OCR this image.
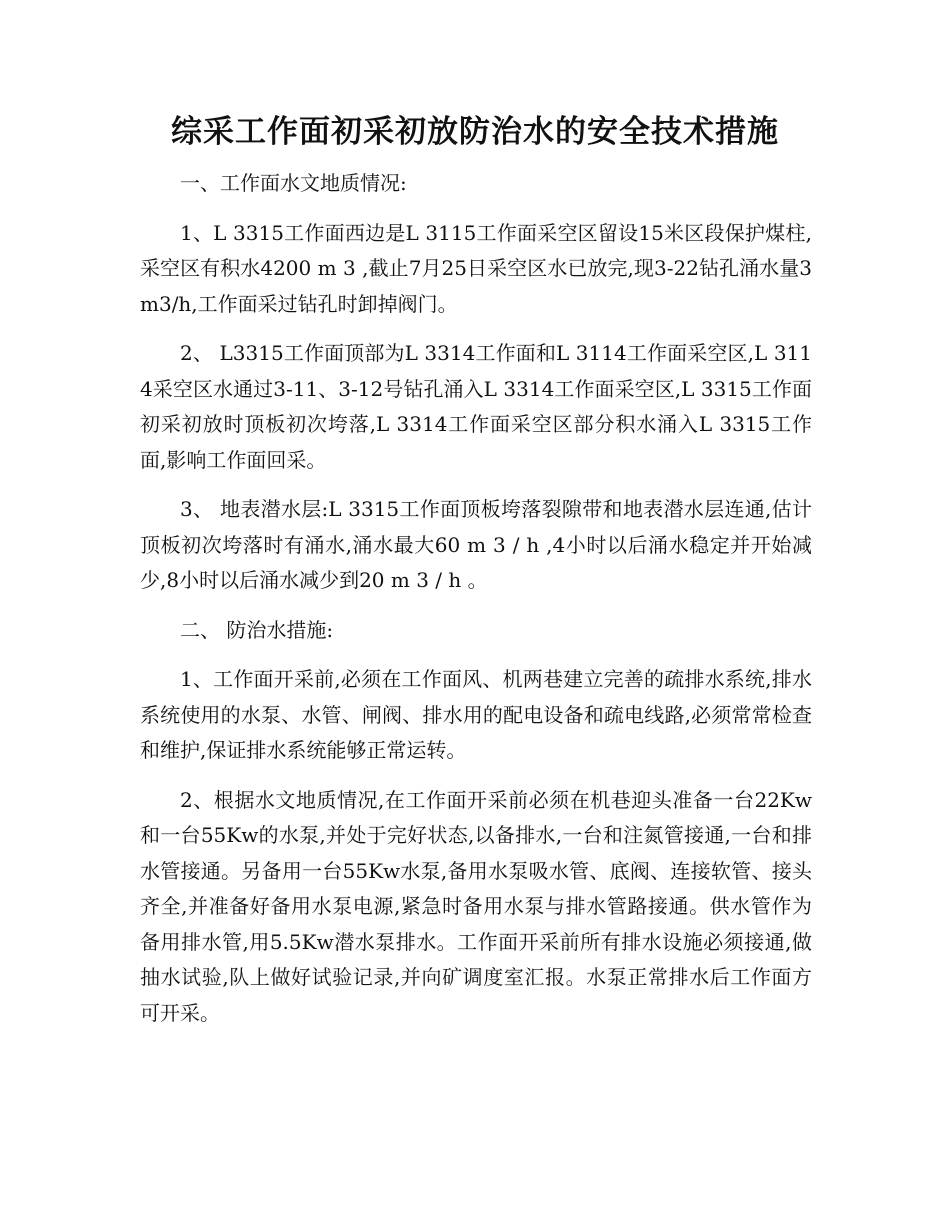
综采工作面初采初放防治水的安全技术措施

一、工作面水文地质情况:

1、L 3315工作面西边是L 3115工作面采空区留设15米区段保护煤柱,采空区有积水4200 m 3 ,截止7月25日采空区水已放完,现3-22钻孔涌水量3m3/h,工作面采过钻孔时卸掉阀门。

2、 L3315工作面顶部为L 3314工作面和L 3114工作面采空区,L 3114采空区水通过3-11、3-12号钻孔涌入L 3314工作面采空区,L 3315工作面初采初放时顶板初次垮落,L 3314工作面采空区部分积水涌入L 3315工作面,影响工作面回采。

3、 地表潜水层:L 3315工作面顶板垮落裂隙带和地表潜水层连通,估计顶板初次垮落时有涌水,涌水最大60 m 3 / h ,4小时以后涌水稳定并开始减少,8小时以后涌水减少到20 m 3 / h 。

二、 防治水措施:

1、工作面开采前,必须在工作面风、机两巷建立完善的疏排水系统,排水系统使用的水泵、水管、闸阀、排水用的配电设备和疏电线路,必须常常检查和维护,保证排水系统能够正常运转。

2、根据水文地质情况,在工作面开采前必须在机巷迎头准备一台22Kw和一台55Kw的水泵,并处于完好状态,以备排水,一台和注氮管接通,一台和排水管接通。另备用一台55Kw水泵,备用水泵吸水管、底阀、连接软管、接头齐全,并准备好备用水泵电源,紧急时备用水泵与排水管路接通。供水管作为备用排水管,用5.5Kw潜水泵排水。工作面开采前所有排水设施必须接通,做抽水试验,队上做好试验记录,并向矿调度室汇报。水泵正常排水后工作面方可开采。
